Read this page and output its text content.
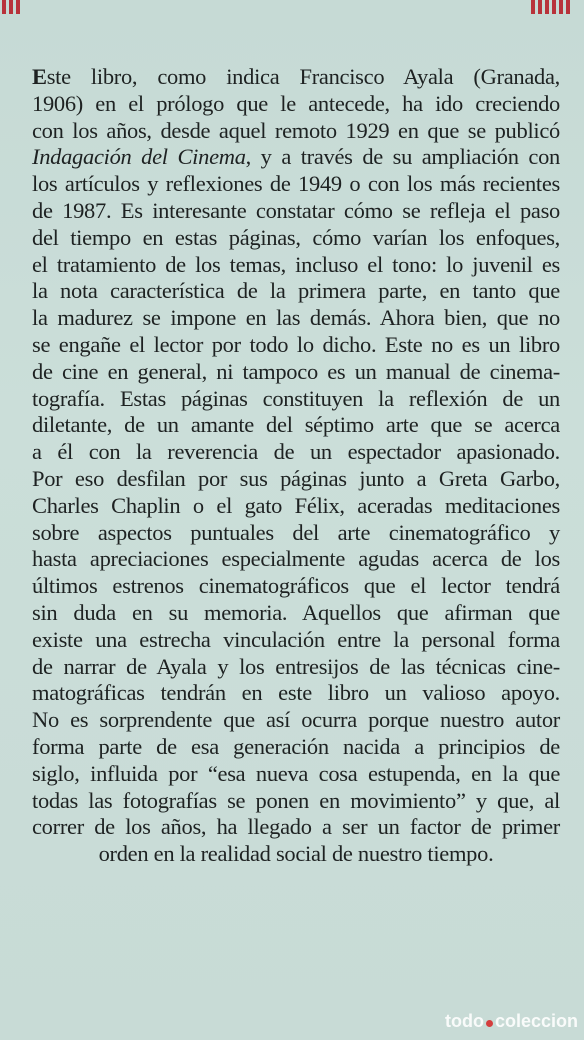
Este libro, como indica Francisco Ayala (Granada,
1906) en el prólogo que le antecede, ha ido creciendo
con los años, desde aquel remoto 1929 en que se publicó
Indagación del Cinema, y a través de su ampliación con
los artículos y reflexiones de 1949 o con los más recientes
de 1987. Es interesante constatar cómo se refleja el paso
del tiempo en estas páginas, cómo varían los enfoques,
el tratamiento de los temas, incluso el tono: lo juvenil es
la nota característica de la primera parte, en tanto que
la madurez se impone en las demás. Ahora bien, que no
se engañe el lector por todo lo dicho. Este no es un libro
de cine en general, ni tampoco es un manual de cinema-
tografía. Estas páginas constituyen la reflexión de un
diletante, de un amante del séptimo arte que se acerca
a él con la reverencia de un espectador apasionado.
Por eso desfilan por sus páginas junto a Greta Garbo,
Charles Chaplin o el gato Félix, aceradas meditaciones
sobre aspectos puntuales del arte cinematográfico y
hasta apreciaciones especialmente agudas acerca de los
últimos estrenos cinematográficos que el lector tendrá
sin duda en su memoria. Aquellos que afirman que
existe una estrecha vinculación entre la personal forma
de narrar de Ayala y los entresijos de las técnicas cine-
matográficas tendrán en este libro un valioso apoyo.
No es sorprendente que así ocurra porque nuestro autor
forma parte de esa generación nacida a principios de
siglo, influida por “esa nueva cosa estupenda, en la que
todas las fotografías se ponen en movimiento” y que, al
correr de los años, ha llegado a ser un factor de primer
orden en la realidad social de nuestro tiempo.
todo coleccion
